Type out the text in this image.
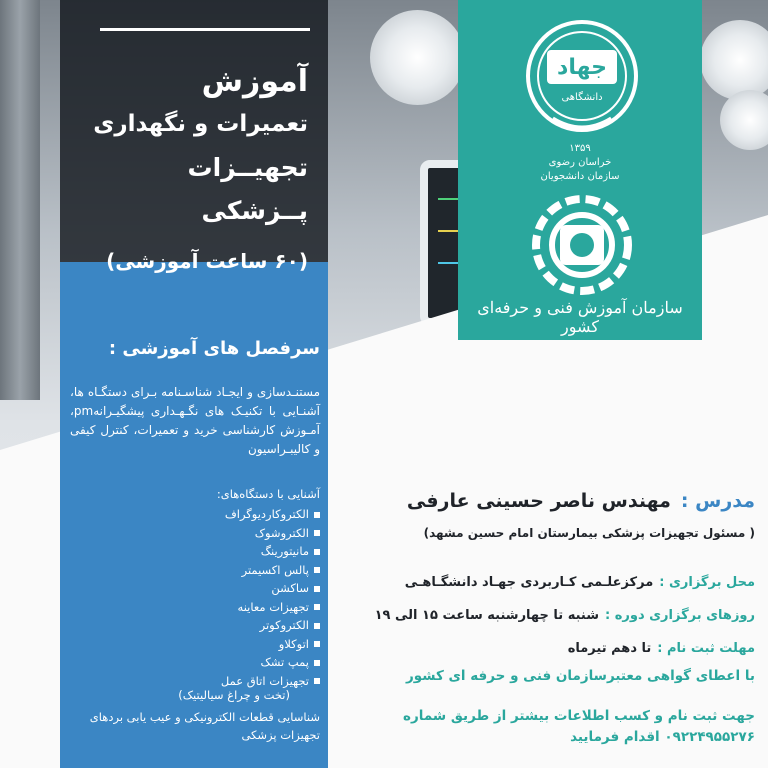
آموزش
تعمیرات و نگهداری
تجهیــزات پــزشکی
(۶۰ ساعت آموزشی)
جهاد
دانشگاهی
۱۳۵۹
خراسان رضوی
سازمان دانشجویان
سازمان آموزش فنی و حرفه‌ای کشور
سرفصل های آموزشی :
مستنـدسازی و ایجـاد شناسـنامه بـرای دستگـاه ها، آشنـایی با تکنیـک های نگـهـداری پیشگیـرانهpm، آمـوزش کارشناسی خرید و تعمیرات، کنترل کیفی و کالیبـراسیون
آشنایی با دستگاه‌های:
الکتروکاردیوگراف
الکتروشوک
مانیتورینگ
پالس اکسیمتر
ساکشن
تجهیزات معاینه
الکتروکوتر
اتوکلاو
پمپ تشک
تجهیزات اتاق عمل
(تخت و چراغ سیالیتیک)
شناسایی قطعات الکترونیکی و عیب یابی بردهای تجهیزات پزشکی
مدرس :مهندس ناصر حسینی عارفی
( مسئول تجهیزات پزشکی بیمارستان امام حسین مشهد)
محل برگزاری :مرکزعلـمی کـاربردی جهـاد دانشگـاهـی
روزهای برگزاری دوره :شنبه تا چهارشنبه ساعت ۱۵ الی ۱۹
مهلت ثبت نام :تا دهم تیرماه
با اعطای گواهی معتبرسازمان فنی و حرفه ای کشور
جهت ثبت نام و کسب اطلاعات بیشتر از طریق شماره ۰۹۲۲۴۹۵۵۲۷۶ اقدام فرمایید
